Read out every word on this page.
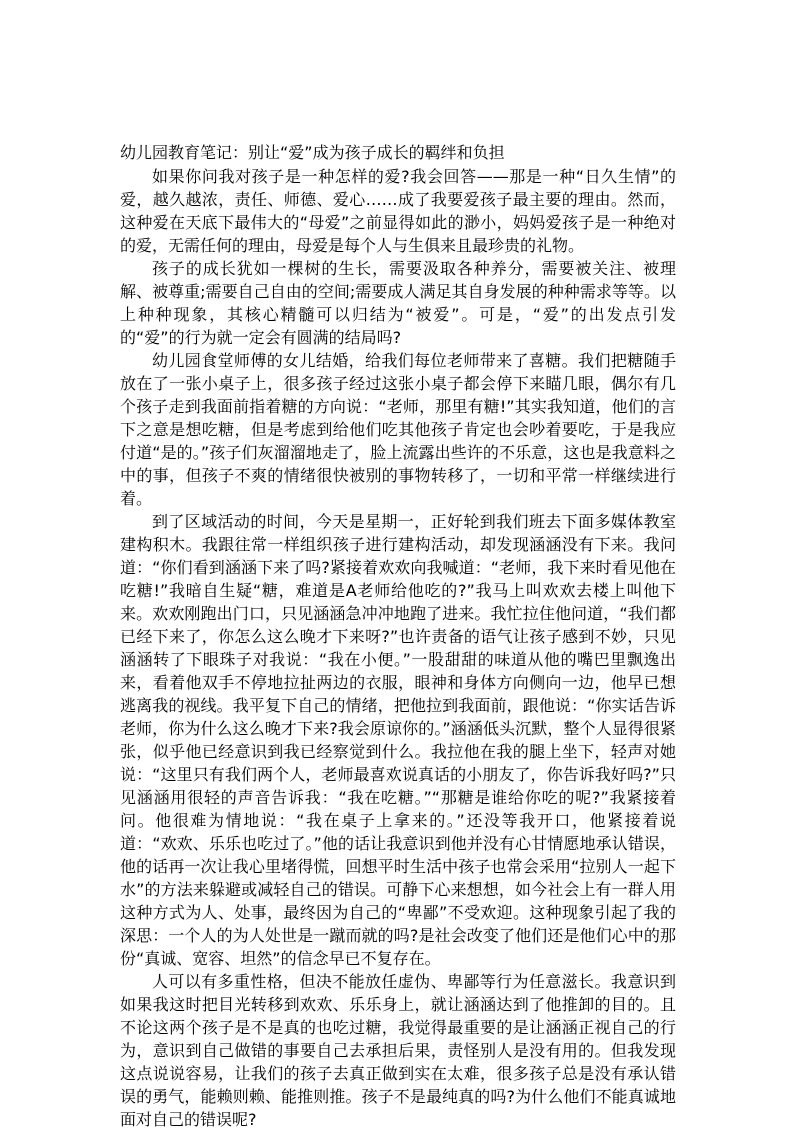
幼儿园教育笔记：别让“爱”成为孩子成长的羁绊和负担

如果你问我对孩子是一种怎样的爱?我会回答——那是一种“日久生情”的爱，越久越浓，责任、师德、爱心……成了我要爱孩子最主要的理由。然而，这种爱在天底下最伟大的“母爱”之前显得如此的渺小，妈妈爱孩子是一种绝对的爱，无需任何的理由，母爱是每个人与生俱来且最珍贵的礼物。

孩子的成长犹如一棵树的生长，需要汲取各种养分，需要被关注、被理解、被尊重;需要自己自由的空间;需要成人满足其自身发展的种种需求等等。以上种种现象，其核心精髓可以归结为“被爱”。可是，“爱”的出发点引发的“爱”的行为就一定会有圆满的结局吗?

幼儿园食堂师傅的女儿结婚，给我们每位老师带来了喜糖。我们把糖随手放在了一张小桌子上，很多孩子经过这张小桌子都会停下来瞄几眼，偶尔有几个孩子走到我面前指着糖的方向说：“老师，那里有糖!”其实我知道，他们的言下之意是想吃糖，但是考虑到给他们吃其他孩子肯定也会吵着要吃，于是我应付道“是的。”孩子们灰溜溜地走了，脸上流露出些许的不乐意，这也是我意料之中的事，但孩子不爽的情绪很快被别的事物转移了，一切和平常一样继续进行着。

到了区域活动的时间，今天是星期一，正好轮到我们班去下面多媒体教室建构积木。我跟往常一样组织孩子进行建构活动，却发现涵涵没有下来。我问道：“你们看到涵涵下来了吗?紧接着欢欢向我喊道：“老师，我下来时看见他在吃糖!”我暗自生疑“糖，难道是A老师给他吃的?”我马上叫欢欢去楼上叫他下来。欢欢刚跑出门口，只见涵涵急冲冲地跑了进来。我忙拉住他问道，“我们都已经下来了，你怎么这么晚才下来呀?”也许责备的语气让孩子感到不妙，只见涵涵转了下眼珠子对我说：“我在小便。”一股甜甜的味道从他的嘴巴里飘逸出来，看着他双手不停地拉扯两边的衣服，眼神和身体方向侧向一边，他早已想逃离我的视线。我平复下自己的情绪，把他拉到我面前，跟他说：“你实话告诉老师，你为什么这么晚才下来?我会原谅你的。”涵涵低头沉默，整个人显得很紧张，似乎他已经意识到我已经察觉到什么。我拉他在我的腿上坐下，轻声对她说：“这里只有我们两个人，老师最喜欢说真话的小朋友了，你告诉我好吗?”只见涵涵用很轻的声音告诉我：“我在吃糖。”“那糖是谁给你吃的呢?”我紧接着问。他很难为情地说：“我在桌子上拿来的。”还没等我开口，他紧接着说道：“欢欢、乐乐也吃过了。”他的话让我意识到他并没有心甘情愿地承认错误，他的话再一次让我心里堵得慌，回想平时生活中孩子也常会采用“拉别人一起下水”的方法来躲避或减轻自己的错误。可静下心来想想，如今社会上有一群人用这种方式为人、处事，最终因为自己的“卑鄙”不受欢迎。这种现象引起了我的深思：一个人的为人处世是一蹴而就的吗?是社会改变了他们还是他们心中的那份“真诚、宽容、坦然”的信念早已不复存在。

人可以有多重性格，但决不能放任虚伪、卑鄙等行为任意滋长。我意识到如果我这时把目光转移到欢欢、乐乐身上，就让涵涵达到了他推卸的目的。且不论这两个孩子是不是真的也吃过糖，我觉得最重要的是让涵涵正视自己的行为，意识到自己做错的事要自己去承担后果，责怪别人是没有用的。但我发现这点说说容易，让我们的孩子去真正做到实在太难，很多孩子总是没有承认错误的勇气，能赖则赖、能推则推。孩子不是最纯真的吗?为什么他们不能真诚地面对自己的错误呢?
